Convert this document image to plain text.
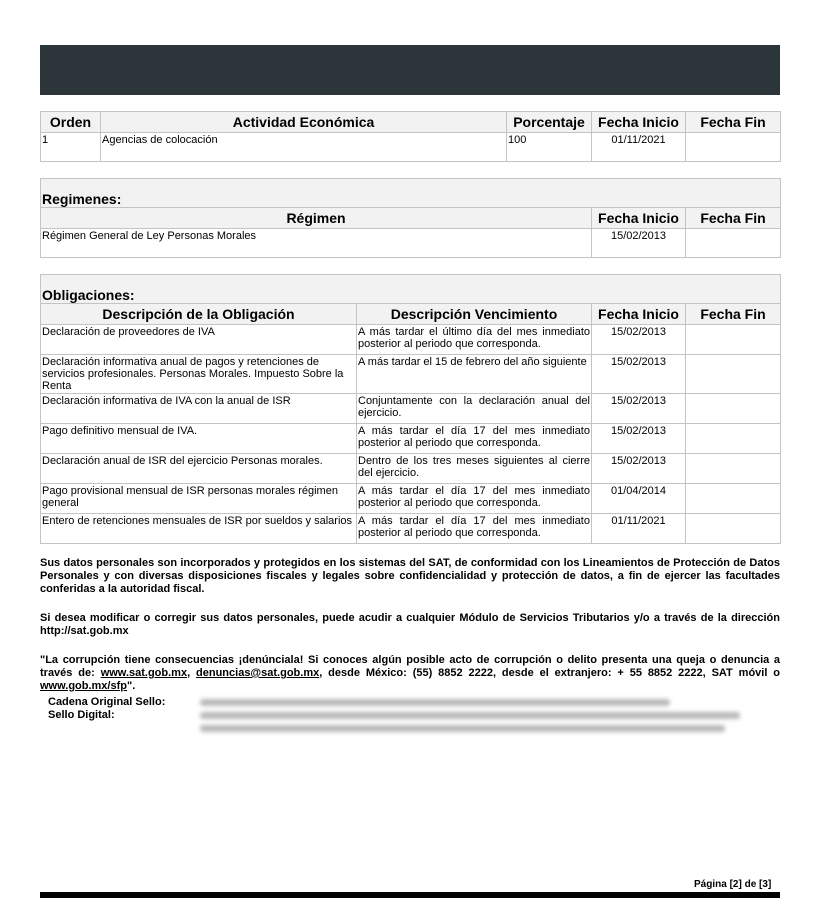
Orden	Actividad Económica	Porcentaje	Fecha Inicio	Fecha Fin
1	Agencias de colocación	100	01/11/2021	
Regimenes:		
Régimen	Fecha Inicio	Fecha Fin
Régimen General de Ley Personas Morales	15/02/2013	
Obligaciones:			
Descripción de la Obligación	Descripción Vencimiento	Fecha Inicio	Fecha Fin
Declaración de proveedores de IVA	A más tardar el último día del mes inmediato posterior al periodo que corresponda.	15/02/2013	
Declaración informativa anual de pagos y retenciones de servicios profesionales. Personas Morales. Impuesto Sobre la Renta	A más tardar el 15 de febrero del año siguiente	15/02/2013	
Declaración informativa de IVA con la anual de ISR	Conjuntamente con la declaración anual del ejercicio.	15/02/2013	
Pago definitivo mensual de IVA.	A más tardar el día 17 del mes inmediato posterior al periodo que corresponda.	15/02/2013	
Declaración anual de ISR del ejercicio Personas morales.	Dentro de los tres meses siguientes al cierre del ejercicio.	15/02/2013	
Pago provisional mensual de ISR personas morales régimen general	A más tardar el día 17 del mes inmediato posterior al periodo que corresponda.	01/04/2014	
Entero de retenciones mensuales de ISR por sueldos y salarios	A más tardar el día 17 del mes inmediato posterior al periodo que corresponda.	01/11/2021	
Sus datos personales son incorporados y protegidos en los sistemas del SAT, de conformidad con los Lineamientos de Protección de Datos Personales y con diversas disposiciones fiscales y legales sobre confidencialidad y protección de datos, a fin de ejercer las facultades conferidas a la autoridad fiscal.
Si desea modificar o corregir sus datos personales, puede acudir a cualquier Módulo de Servicios Tributarios y/o a través de la dirección http://sat.gob.mx
"La corrupción tiene consecuencias ¡denúnciala! Si conoces algún posible acto de corrupción o delito presenta una queja o denuncia a través de: www.sat.gob.mx, denuncias@sat.gob.mx, desde México: (55) 8852 2222, desde el extranjero: + 55 8852 2222, SAT móvil o www.gob.mx/sfp".
Cadena Original Sello:
Sello Digital:
Página [2] de [3]
